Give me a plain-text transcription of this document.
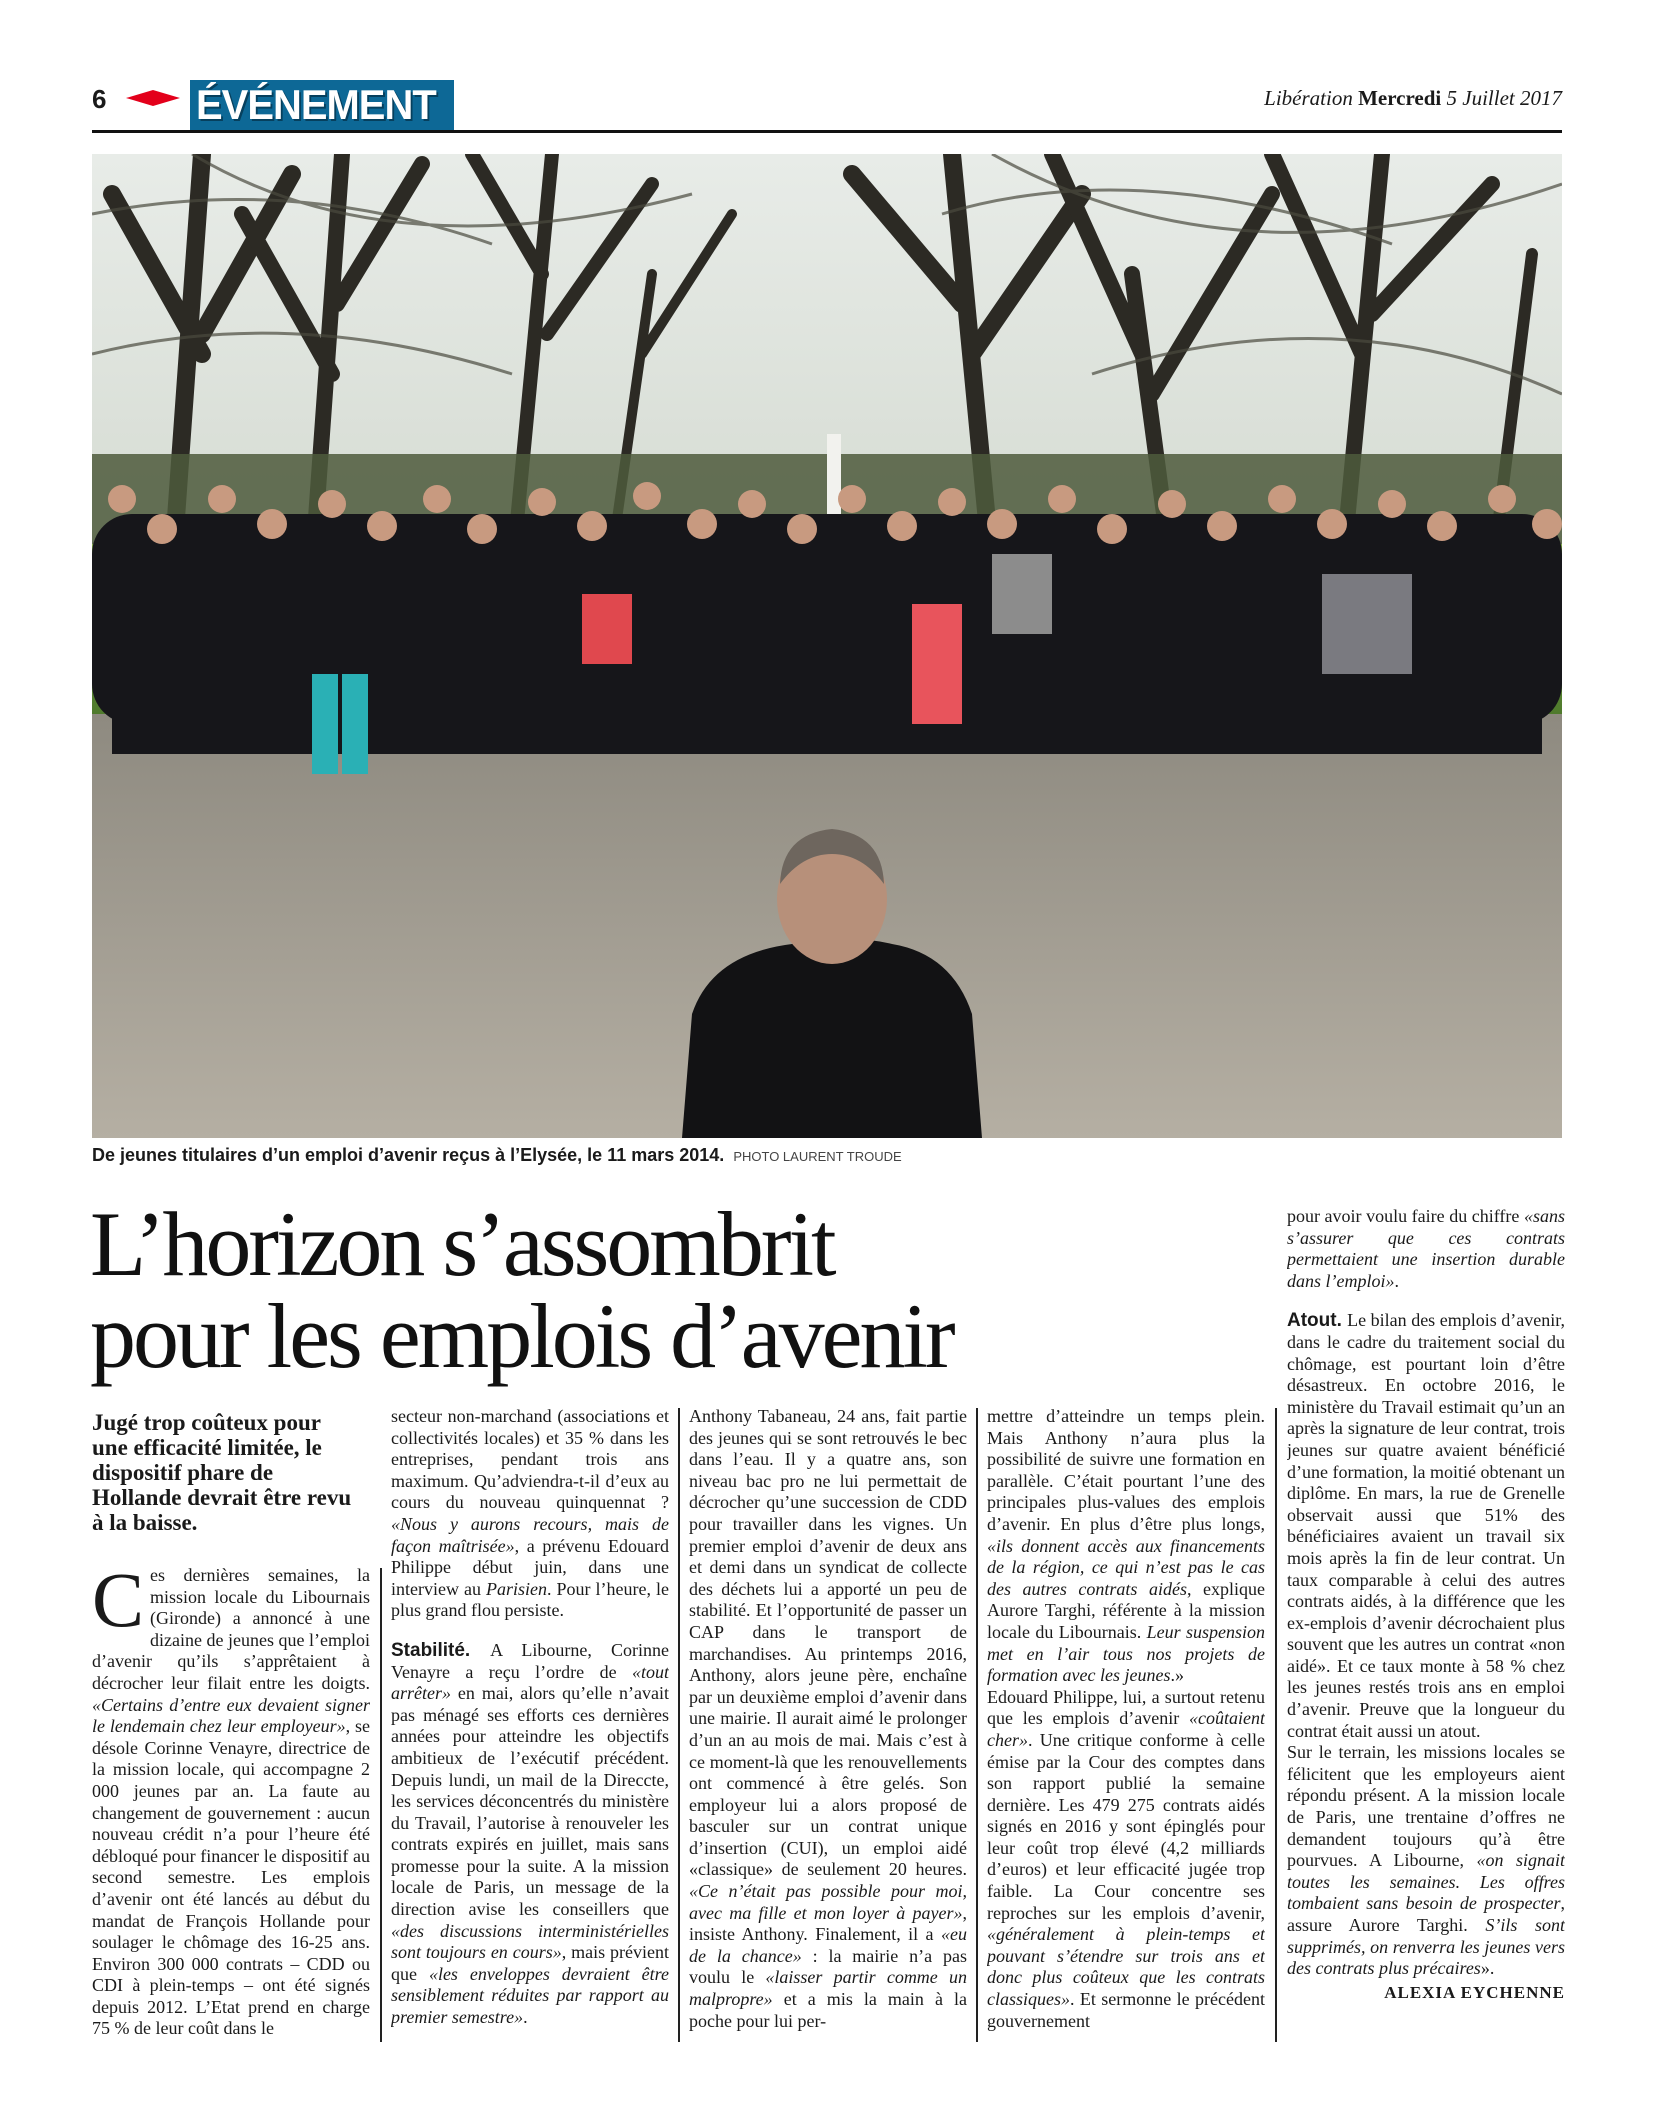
6 ÉVÉNEMENT	Libération Mercredi 5 Juillet 2017
De jeunes titulaires d’un emploi d’avenir reçus à l’Elysée, le 11 mars 2014. PHOTO LAURENT TROUDE
L’horizon s’assombrit
pour les emplois d’avenir

Jugé trop coûteux pour une efficacité limitée, le dispositif phare de Hollande devrait être revu à la baisse.

Ces dernières semaines, la mission locale du Libournais (Gironde) a annoncé à une dizaine de jeunes que l’emploi d’avenir qu’ils s’apprêtaient à décrocher leur filait entre les doigts. «Certains d’entre eux devaient signer le lendemain chez leur employeur», se désole Corinne Venayre, directrice de la mission locale, qui accompagne 2 000 jeunes par an. La faute au changement de gouvernement : aucun nouveau crédit n’a pour l’heure été débloqué pour financer le dispositif au second semestre. Les emplois d’avenir ont été lancés au début du mandat de François Hollande pour soulager le chômage des 16-25 ans. Environ 300 000 contrats – CDD ou CDI à plein-temps – ont été signés depuis 2012. L’Etat prend en charge 75 % de leur coût dans le

secteur non-marchand (associations et collectivités locales) et 35 % dans les entreprises, pendant trois ans maximum. Qu’adviendra-t-il d’eux au cours du nouveau quinquennat ? «Nous y aurons recours, mais de façon maîtrisée», a prévenu Edouard Philippe début juin, dans une interview au Parisien. Pour l’heure, le plus grand flou persiste.

Stabilité. A Libourne, Corinne Venayre a reçu l’ordre de «tout arrêter» en mai, alors qu’elle n’avait pas ménagé ses efforts ces dernières années pour atteindre les objectifs ambitieux de l’exécutif précédent. Depuis lundi, un mail de la Direccte, les services déconcentrés du ministère du Travail, l’autorise à renouveler les contrats expirés en juillet, mais sans promesse pour la suite. A la mission locale de Paris, un message de la direction avise les conseillers que «des discussions interministérielles sont toujours en cours», mais prévient que «les enveloppes devraient être sensiblement réduites par rapport au premier semestre».

Anthony Tabaneau, 24 ans, fait partie des jeunes qui se sont retrouvés le bec dans l’eau. Il y a quatre ans, son niveau bac pro ne lui permettait de décrocher qu’une succession de CDD pour travailler dans les vignes. Un premier emploi d’avenir de deux ans et demi dans un syndicat de collecte des déchets lui a apporté un peu de stabilité. Et l’opportunité de passer un CAP dans le transport de marchandises. Au printemps 2016, Anthony, alors jeune père, enchaîne par un deuxième emploi d’avenir dans une mairie. Il aurait aimé le prolonger d’un an au mois de mai. Mais c’est à ce moment-là que les renouvellements ont commencé à être gelés. Son employeur lui a alors proposé de basculer sur un contrat unique d’insertion (CUI), un emploi aidé «classique» de seulement 20 heures. «Ce n’était pas possible pour moi, avec ma fille et mon loyer à payer», insiste Anthony. Finalement, il a «eu de la chance» : la mairie n’a pas voulu le «laisser partir comme un malpropre» et a mis la main à la poche pour lui per-

mettre d’atteindre un temps plein. Mais Anthony n’aura plus la possibilité de suivre une formation en parallèle. C’était pourtant l’une des principales plus-values des emplois d’avenir. En plus d’être plus longs, «ils donnent accès aux financements de la région, ce qui n’est pas le cas des autres contrats aidés, explique Aurore Targhi, référente à la mission locale du Libournais. Leur suspension met en l’air tous nos projets de formation avec les jeunes.»

Edouard Philippe, lui, a surtout retenu que les emplois d’avenir «coûtaient cher». Une critique conforme à celle émise par la Cour des comptes dans son rapport publié la semaine dernière. Les 479 275 contrats aidés signés en 2016 y sont épinglés pour leur coût trop élevé (4,2 milliards d’euros) et leur efficacité jugée trop faible. La Cour concentre ses reproches sur les emplois d’avenir, «généralement à plein-temps et pouvant s’étendre sur trois ans et donc plus coûteux que les contrats classiques». Et sermonne le précédent gouvernement

pour avoir voulu faire du chiffre «sans s’assurer que ces contrats permettaient une insertion durable dans l’emploi».

Atout. Le bilan des emplois d’avenir, dans le cadre du traitement social du chômage, est pourtant loin d’être désastreux. En octobre 2016, le ministère du Travail estimait qu’un an après la signature de leur contrat, trois jeunes sur quatre avaient bénéficié d’une formation, la moitié obtenant un diplôme. En mars, la rue de Grenelle observait aussi que 51% des bénéficiaires avaient un travail six mois après la fin de leur contrat. Un taux comparable à celui des autres contrats aidés, à la différence que les ex-emplois d’avenir décrochaient plus souvent que les autres un contrat «non aidé». Et ce taux monte à 58 % chez les jeunes restés trois ans en emploi d’avenir. Preuve que la longueur du contrat était aussi un atout.

Sur le terrain, les missions locales se félicitent que les employeurs aient répondu présent. A la mission locale de Paris, une trentaine d’offres ne demandent toujours qu’à être pourvues. A Libourne, «on signait toutes les semaines. Les offres tombaient sans besoin de prospecter, assure Aurore Targhi. S’ils sont supprimés, on renverra les jeunes vers des contrats plus précaires».

ALEXIA EYCHENNE
